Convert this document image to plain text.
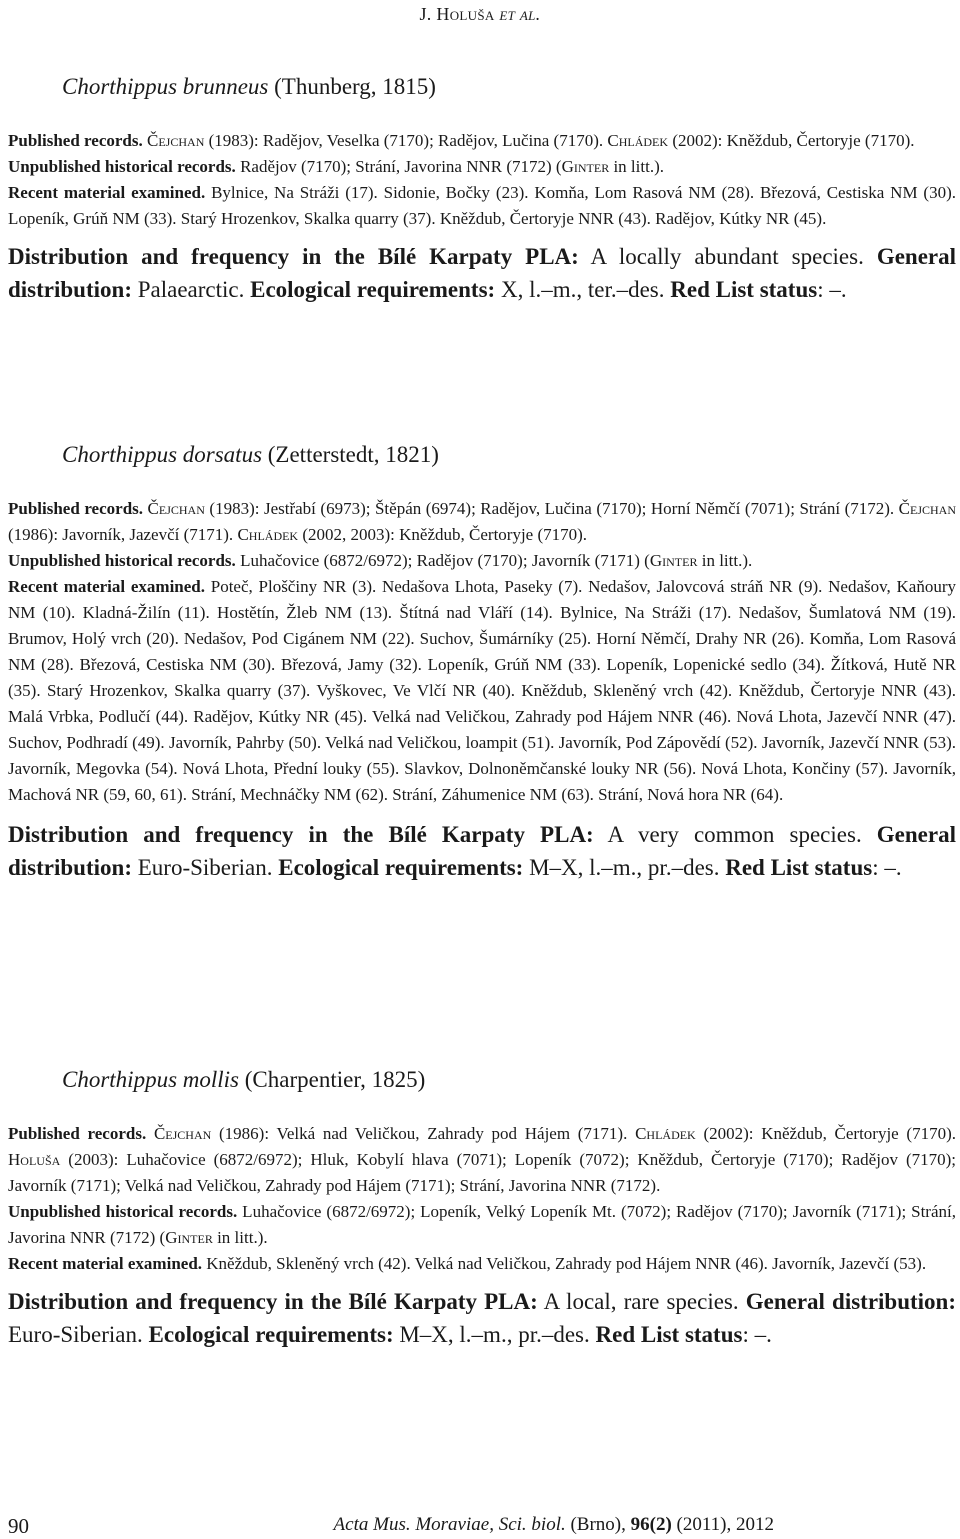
J. Holuša et al.
Chorthippus brunneus (Thunberg, 1815)

Published records. Čejchan (1983): Radějov, Veselka (7170); Radějov, Lučina (7170). Chládek (2002): Kněždub, Čertoryje (7170).

Unpublished historical records. Radějov (7170); Strání, Javorina NNR (7172) (Ginter in litt.).

Recent material examined. Bylnice, Na Stráži (17). Sidonie, Bočky (23). Komňa, Lom Rasová NM (28). Březová, Cestiska NM (30). Lopeník, Grúň NM (33). Starý Hrozenkov, Skalka quarry (37). Kněždub, Čertoryje NNR (43). Radějov, Kútky NR (45).

Distribution and frequency in the Bílé Karpaty PLA: A locally abundant species. General distribution: Palaearctic. Ecological requirements: X, l.–m., ter.–des. Red List status: –.

Chorthippus dorsatus (Zetterstedt, 1821)

Published records. Čejchan (1983): Jestřabí (6973); Štěpán (6974); Radějov, Lučina (7170); Horní Němčí (7071); Strání (7172). Čejchan (1986): Javorník, Jazevčí (7171). Chládek (2002, 2003): Kněždub, Čertoryje (7170).

Unpublished historical records. Luhačovice (6872/6972); Radějov (7170); Javorník (7171) (Ginter in litt.).

Recent material examined. Poteč, Ploščiny NR (3). Nedašova Lhota, Paseky (7). Nedašov, Jalovcová stráň NR (9). Nedašov, Kaňoury NM (10). Kladná-Žilín (11). Hostětín, Žleb NM (13). Štítná nad Vláří (14). Bylnice, Na Stráži (17). Nedašov, Šumlatová NM (19). Brumov, Holý vrch (20). Nedašov, Pod Cigánem NM (22). Suchov, Šumárníky (25). Horní Němčí, Drahy NR (26). Komňa, Lom Rasová NM (28). Březová, Cestiska NM (30). Březová, Jamy (32). Lopeník, Grúň NM (33). Lopeník, Lopenické sedlo (34). Žítková, Hutě NR (35). Starý Hrozenkov, Skalka quarry (37). Vyškovec, Ve Vlčí NR (40). Kněždub, Skleněný vrch (42). Kněždub, Čertoryje NNR (43). Malá Vrbka, Podlučí (44). Radějov, Kútky NR (45). Velká nad Veličkou, Zahrady pod Hájem NNR (46). Nová Lhota, Jazevčí NNR (47). Suchov, Podhradí (49). Javorník, Pahrby (50). Velká nad Veličkou, loampit (51). Javorník, Pod Zápovědí (52). Javorník, Jazevčí NNR (53). Javorník, Megovka (54). Nová Lhota, Přední louky (55). Slavkov, Dolnoněmčanské louky NR (56). Nová Lhota, Končiny (57). Javorník, Machová NR (59, 60, 61). Strání, Mechnáčky NM (62). Strání, Záhumenice NM (63). Strání, Nová hora NR (64).

Distribution and frequency in the Bílé Karpaty PLA: A very common species. General distribution: Euro-Siberian. Ecological requirements: M–X, l.–m., pr.–des. Red List status: –.

Chorthippus mollis (Charpentier, 1825)

Published records. Čejchan (1986): Velká nad Veličkou, Zahrady pod Hájem (7171). Chládek (2002): Kněždub, Čertoryje (7170). Holuša (2003): Luhačovice (6872/6972); Hluk, Kobylí hlava (7071); Lopeník (7072); Kněždub, Čertoryje (7170); Radějov (7170); Javorník (7171); Velká nad Veličkou, Zahrady pod Hájem (7171); Strání, Javorina NNR (7172).

Unpublished historical records. Luhačovice (6872/6972); Lopeník, Velký Lopeník Mt. (7072); Radějov (7170); Javorník (7171); Strání, Javorina NNR (7172) (Ginter in litt.).

Recent material examined. Kněždub, Skleněný vrch (42). Velká nad Veličkou, Zahrady pod Hájem NNR (46). Javorník, Jazevčí (53).

Distribution and frequency in the Bílé Karpaty PLA: A local, rare species. General distribution: Euro-Siberian. Ecological requirements: M–X, l.–m., pr.–des. Red List status: –.

90	Acta Mus. Moraviae, Sci. biol. (Brno), 96(2) (2011), 2012
